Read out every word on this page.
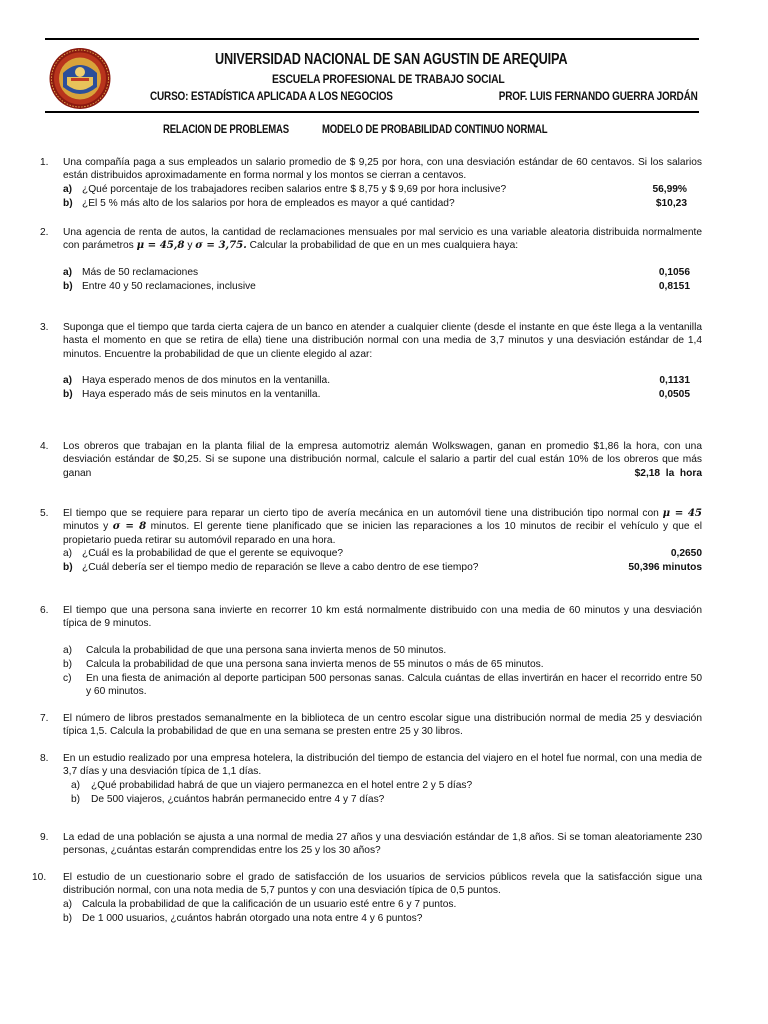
UNIVERSIDAD NACIONAL DE SAN AGUSTIN DE AREQUIPA
ESCUELA PROFESIONAL DE TRABAJO SOCIAL
CURSO: ESTADÍSTICA APLICADA A LOS NEGOCIOS	PROF. LUIS FERNANDO GUERRA JORDÁN
RELACION DE PROBLEMAS	MODELO DE PROBABILIDAD CONTINUO NORMAL
1. Una compañía paga a sus empleados un salario promedio de $ 9,25 por hora, con una desviación estándar de 60 centavos. Si los salarios están distribuidos aproximadamente en forma normal y los montos se cierran a centavos.
a) ¿Qué porcentaje de los trabajadores reciben salarios entre $ 8,75 y $ 9,69 por hora inclusive?	56,99%
b) ¿El 5 % más alto de los salarios por hora de empleados es mayor a qué cantidad?	$10,23
2. Una agencia de renta de autos, la cantidad de reclamaciones mensuales por mal servicio es una variable aleatoria distribuida normalmente con parámetros μ = 45,8 y σ = 3,75. Calcular la probabilidad de que en un mes cualquiera haya:
a) Más de 50 reclamaciones	0,1056
b) Entre 40 y 50 reclamaciones, inclusive	0,8151
3. Suponga que el tiempo que tarda cierta cajera de un banco en atender a cualquier cliente (desde el instante en que éste llega a la ventanilla hasta el momento en que se retira de ella) tiene una distribución normal con una media de 3,7 minutos y una desviación estándar de 1,4 minutos. Encuentre la probabilidad de que un cliente elegido al azar:
a) Haya esperado menos de dos minutos en la ventanilla.	0,1131
b) Haya esperado más de seis minutos en la ventanilla.	0,0505
4. Los obreros que trabajan en la planta filial de la empresa automotriz alemán Wolkswagen, ganan en promedio $1,86 la hora, con una desviación estándar de $0,25. Si se supone una distribución normal, calcule el salario a partir del cual están 10% de los obreros que más ganan	$2,18  la  hora
5. El tiempo que se requiere para reparar un cierto tipo de avería mecánica en un automóvil tiene una distribución tipo normal con μ = 45 minutos y σ = 8 minutos. El gerente tiene planificado que se inicien las reparaciones a los 10 minutos de recibir el vehículo y que el propietario pueda retirar su automóvil reparado en una hora.
a) ¿Cuál es la probabilidad de que el gerente se equivoque?	0,2650
b) ¿Cuál debería ser el tiempo medio de reparación se lleve a cabo dentro de ese tiempo?	50,396 minutos
6. El tiempo que una persona sana invierte en recorrer 10 km está normalmente distribuido con una media de 60 minutos y una desviación típica de 9 minutos.
a) Calcula la probabilidad de que una persona sana invierta menos de 50 minutos.
b) Calcula la probabilidad de que una persona sana invierta menos de 55 minutos o más de 65 minutos.
c)	En una fiesta de animación al deporte participan 500 personas sanas. Calcula cuántas de ellas invertirán en hacer el recorrido entre 50 y 60 minutos.
7. El número de libros prestados semanalmente en la biblioteca de un centro escolar sigue una distribución normal de media 25 y desviación típica 1,5. Calcula la probabilidad de que en una semana se presten entre 25 y 30 libros.
8. En un estudio realizado por una empresa hotelera, la distribución del tiempo de estancia del viajero en el hotel fue normal, con una media de 3,7 días y una desviación típica de 1,1 días.
a) ¿Qué probabilidad habrá de que un viajero permanezca en el hotel entre 2 y 5 días?
b) De 500 viajeros, ¿cuántos habrán permanecido entre 4 y 7 días?
9. La edad de una población se ajusta a una normal de media 27 años y una desviación estándar de 1,8 años. Si se toman aleatoriamente 230 personas, ¿cuántas estarán comprendidas entre los 25 y los 30 años?
10. El estudio de un cuestionario sobre el grado de satisfacción de los usuarios de servicios públicos revela que la satisfacción sigue una distribución normal, con una nota media de 5,7 puntos y con una desviación típica de 0,5 puntos.
a) Calcula la probabilidad de que la calificación de un usuario esté entre 6 y 7 puntos.
b) De 1 000 usuarios, ¿cuántos habrán otorgado una nota entre 4 y 6 puntos?
